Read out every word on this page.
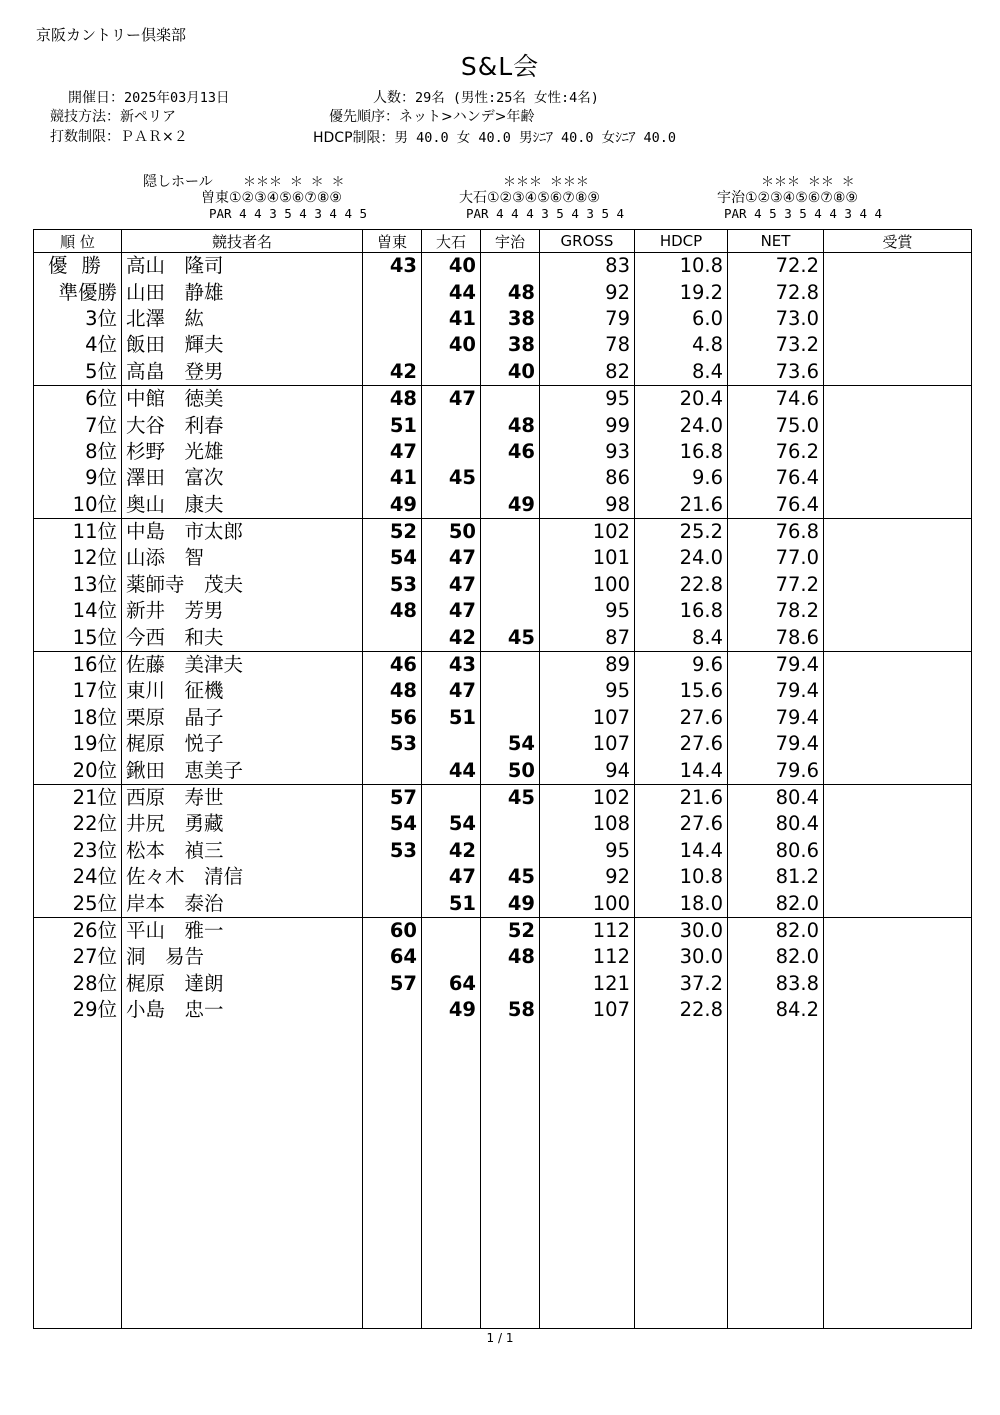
京阪カントリー倶楽部
S&L会
開催日：2025年03月13日
競技方法：新ペリア
打数制限：ＰＡＲ×２
人数：29名 (男性:25名 女性:4名)
優先順序：ネット>ハンデ>年齢
HDCP制限：男 40.0 女 40.0 男ｼﾆｱ 40.0 女ｼﾆｱ 40.0
隠しホール ＊＊＊ ＊ ＊ ＊
曽東①②③④⑤⑥⑦⑧⑨
PAR 4 4 3 5 4 3 4 4 5
＊＊＊ ＊＊＊
大石①②③④⑤⑥⑦⑧⑨
PAR 4 4 4 3 5 4 3 5 4
＊＊＊ ＊＊ ＊
宇治①②③④⑤⑥⑦⑧⑨
PAR 4 5 3 5 4 4 3 4 4
順 位	競技者名	曽東	大石	宇治	GROSS	HDCP	NET	受賞
優勝	高山　隆司	43	40		83	10.8	72.2	
準優勝	山田　静雄		44	48	92	19.2	72.8	
3位	北澤　紘		41	38	79	6.0	73.0	
4位	飯田　輝夫		40	38	78	4.8	73.2	
5位	高畠　登男	42		40	82	8.4	73.6	
6位	中館　徳美	48	47		95	20.4	74.6	
7位	大谷　利春	51		48	99	24.0	75.0	
8位	杉野　光雄	47		46	93	16.8	76.2	
9位	澤田　富次	41	45		86	9.6	76.4	
10位	奥山　康夫	49		49	98	21.6	76.4	
11位	中島　市太郎	52	50		102	25.2	76.8	
12位	山添　智	54	47		101	24.0	77.0	
13位	薬師寺　茂夫	53	47		100	22.8	77.2	
14位	新井　芳男	48	47		95	16.8	78.2	
15位	今西　和夫		42	45	87	8.4	78.6	
16位	佐藤　美津夫	46	43		89	9.6	79.4	
17位	東川　征機	48	47		95	15.6	79.4	
18位	栗原　晶子	56	51		107	27.6	79.4	
19位	梶原　悦子	53		54	107	27.6	79.4	
20位	鍬田　恵美子		44	50	94	14.4	79.6	
21位	西原　寿世	57		45	102	21.6	80.4	
22位	井尻　勇藏	54	54		108	27.6	80.4	
23位	松本　禎三	53	42		95	14.4	80.6	
24位	佐々木　清信		47	45	92	10.8	81.2	
25位	岸本　泰治		51	49	100	18.0	82.0	
26位	平山　雅一	60		52	112	30.0	82.0	
27位	洞　易告	64		48	112	30.0	82.0	
28位	梶原　達朗	57	64		121	37.2	83.8	
29位	小島　忠一		49	58	107	22.8	84.2	

1 / 1
